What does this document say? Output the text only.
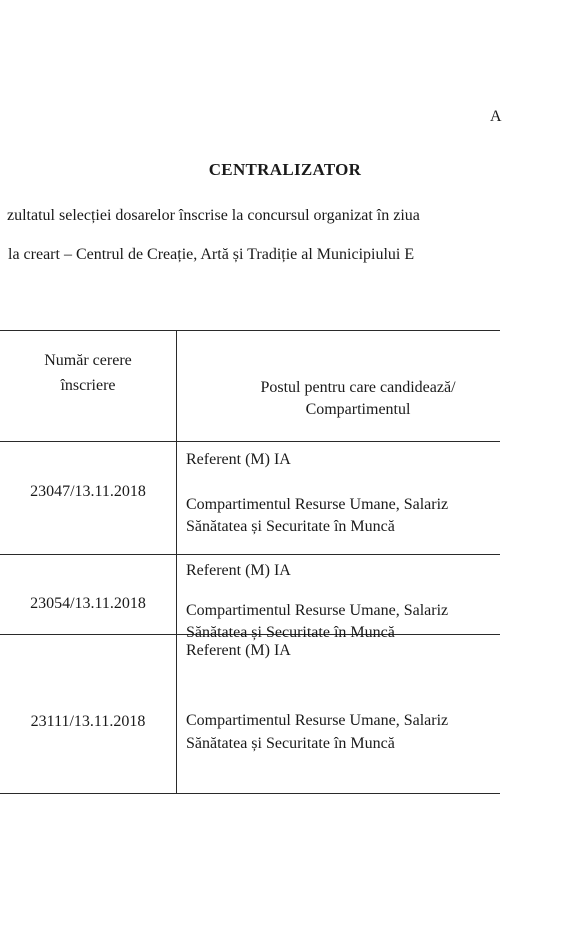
A
CENTRALIZATOR
zultatul selecției dosarelor înscrise la concursul organizat în ziua
la creart – Centrul de Creație, Artă și Tradiție al Municipiului E
Număr cerere
înscriere	Postul pentru care candidează/
Compartimentul
23047/13.11.2018
Referent (M) IA
Compartimentul Resurse Umane, Salariz
Sănătatea și Securitate în Muncă
23054/13.11.2018
Referent (M) IA
Compartimentul Resurse Umane, Salariz
Sănătatea și Securitate în Muncă
23111/13.11.2018
Referent (M) IA
Compartimentul Resurse Umane, Salariz
Sănătatea și Securitate în Muncă
